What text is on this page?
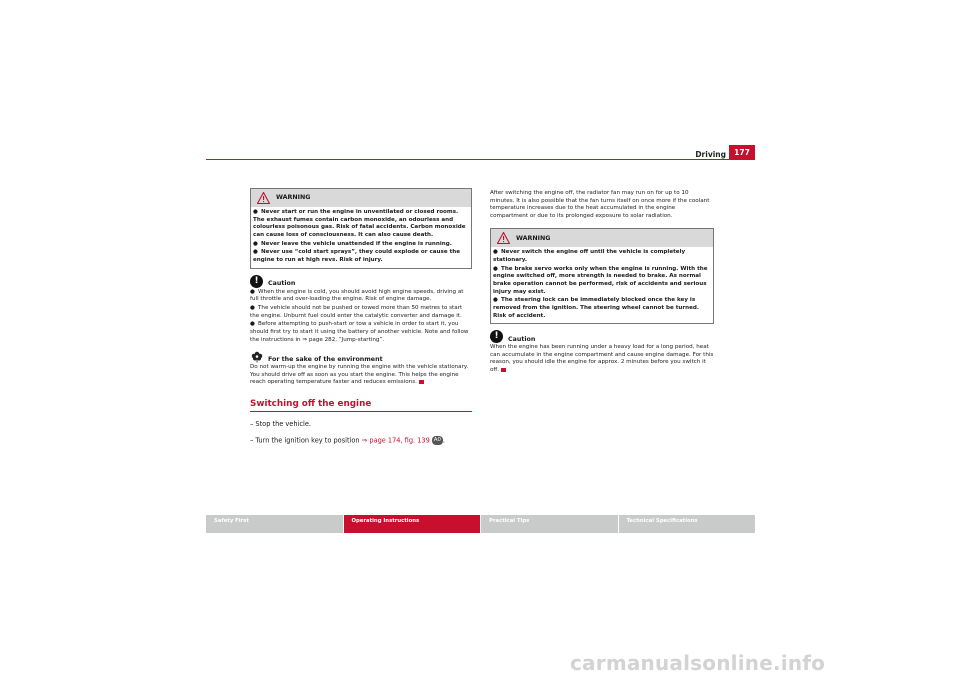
Driving	177
WARNING

● Never start or run the engine in unventilated or closed rooms. The exhaust fumes contain carbon monoxide, an odourless and colourless poisonous gas. Risk of fatal accidents. Carbon monoxide can cause loss of consciousness. It can also cause death.

● Never leave the vehicle unattended if the engine is running.

● Never use “cold start sprays”, they could explode or cause the engine to run at high revs. Risk of injury.

!	Caution

● When the engine is cold, you should avoid high engine speeds, driving at full throttle and over-loading the engine. Risk of engine damage.

● The vehicle should not be pushed or towed more than 50 metres to start the engine. Unburnt fuel could enter the catalytic converter and damage it.

● Before attempting to push-start or tow a vehicle in order to start it, you should first try to start it using the battery of another vehicle. Note and follow the instructions in ⇒ page 282, “Jump-starting”.

For the sake of the environment

Do not warm-up the engine by running the engine with the vehicle stationary. You should drive off as soon as you start the engine. This helps the engine reach operating temperature faster and reduces emissions.

Switching off the engine

– Stop the vehicle.

– Turn the ignition key to position ⇒ page 174, fig. 139 A0 .

After switching the engine off, the radiator fan may run on for up to 10 minutes. It is also possible that the fan turns itself on once more if the coolant temperature increases due to the heat accumulated in the engine compartment or due to its prolonged exposure to solar radiation.

WARNING

● Never switch the engine off until the vehicle is completely stationary.

● The brake servo works only when the engine is running. With the engine switched off, more strength is needed to brake. As normal brake operation cannot be performed, risk of accidents and serious injury may exist.

● The steering lock can be immediately blocked once the key is removed from the ignition. The steering wheel cannot be turned. Risk of accident.

!	Caution

When the engine has been running under a heavy load for a long period, heat can accumulate in the engine compartment and cause engine damage. For this reason, you should idle the engine for approx. 2 minutes before you switch it off.

Safety First	Operating Instructions	Practical Tips	Technical Specifications
carmanualsonline.info
